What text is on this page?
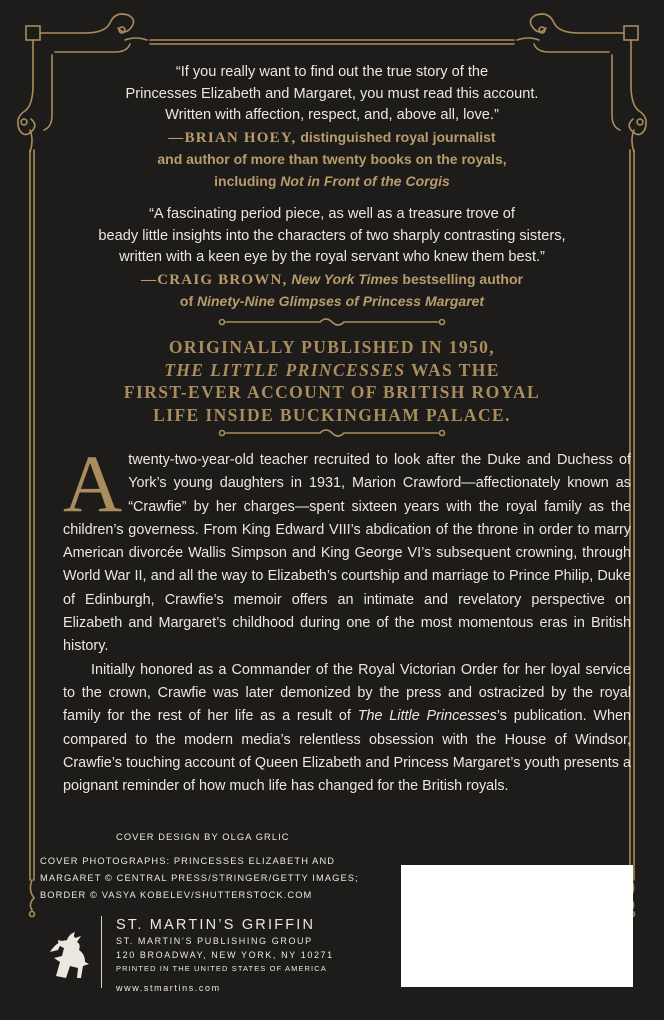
“If you really want to find out the true story of the

Princesses Elizabeth and Margaret, you must read this account.

Written with affection, respect, and, above all, love.”

—BRIAN HOEY, distinguished royal journalist

and author of more than twenty books on the royals,

including Not in Front of the Corgis

“A fascinating period piece, as well as a treasure trove of

beady little insights into the characters of two sharply contrasting sisters,

written with a keen eye by the royal servant who knew them best.”

—CRAIG BROWN, New York Times bestselling author

of Ninety-Nine Glimpses of Princess Margaret

ORIGINALLY PUBLISHED IN 1950,
THE LITTLE PRINCESSES WAS THE
FIRST-EVER ACCOUNT OF BRITISH ROYAL
LIFE INSIDE BUCKINGHAM PALACE.

A twenty-two-year-old teacher recruited to look after the Duke and Duchess of York’s young daughters in 1931, Marion Crawford—affectionately known as “Crawfie” by her charges—spent sixteen years with the royal family as the children’s governess. From King Edward VIII’s abdication of the throne in order to marry American divorcée Wallis Simpson and King George VI’s subsequent crowning, through World War II, and all the way to Elizabeth’s courtship and marriage to Prince Philip, Duke of Edinburgh, Crawfie’s memoir offers an intimate and revelatory perspective on Elizabeth and Margaret’s childhood during one of the most momentous eras in British history.

Initially honored as a Commander of the Royal Victorian Order for her loyal service to the crown, Crawfie was later demonized by the press and ostracized by the royal family for the rest of her life as a result of The Little Princesses’s publication. When compared to the modern media’s relentless obsession with the House of Windsor, Crawfie’s touching account of Queen Elizabeth and Princess Margaret’s youth presents a poignant reminder of how much life has changed for the British royals.

COVER DESIGN BY OLGA GRLIC
COVER PHOTOGRAPHS: PRINCESSES ELIZABETH AND
MARGARET © CENTRAL PRESS/STRINGER/GETTY IMAGES;
BORDER © VASYA KOBELEV/SHUTTERSTOCK.COM
ST. MARTIN’S GRIFFIN
ST. MARTIN’S PUBLISHING GROUP
120 BROADWAY, NEW YORK, NY 10271
PRINTED IN THE UNITED STATES OF AMERICA
www.stmartins.com
